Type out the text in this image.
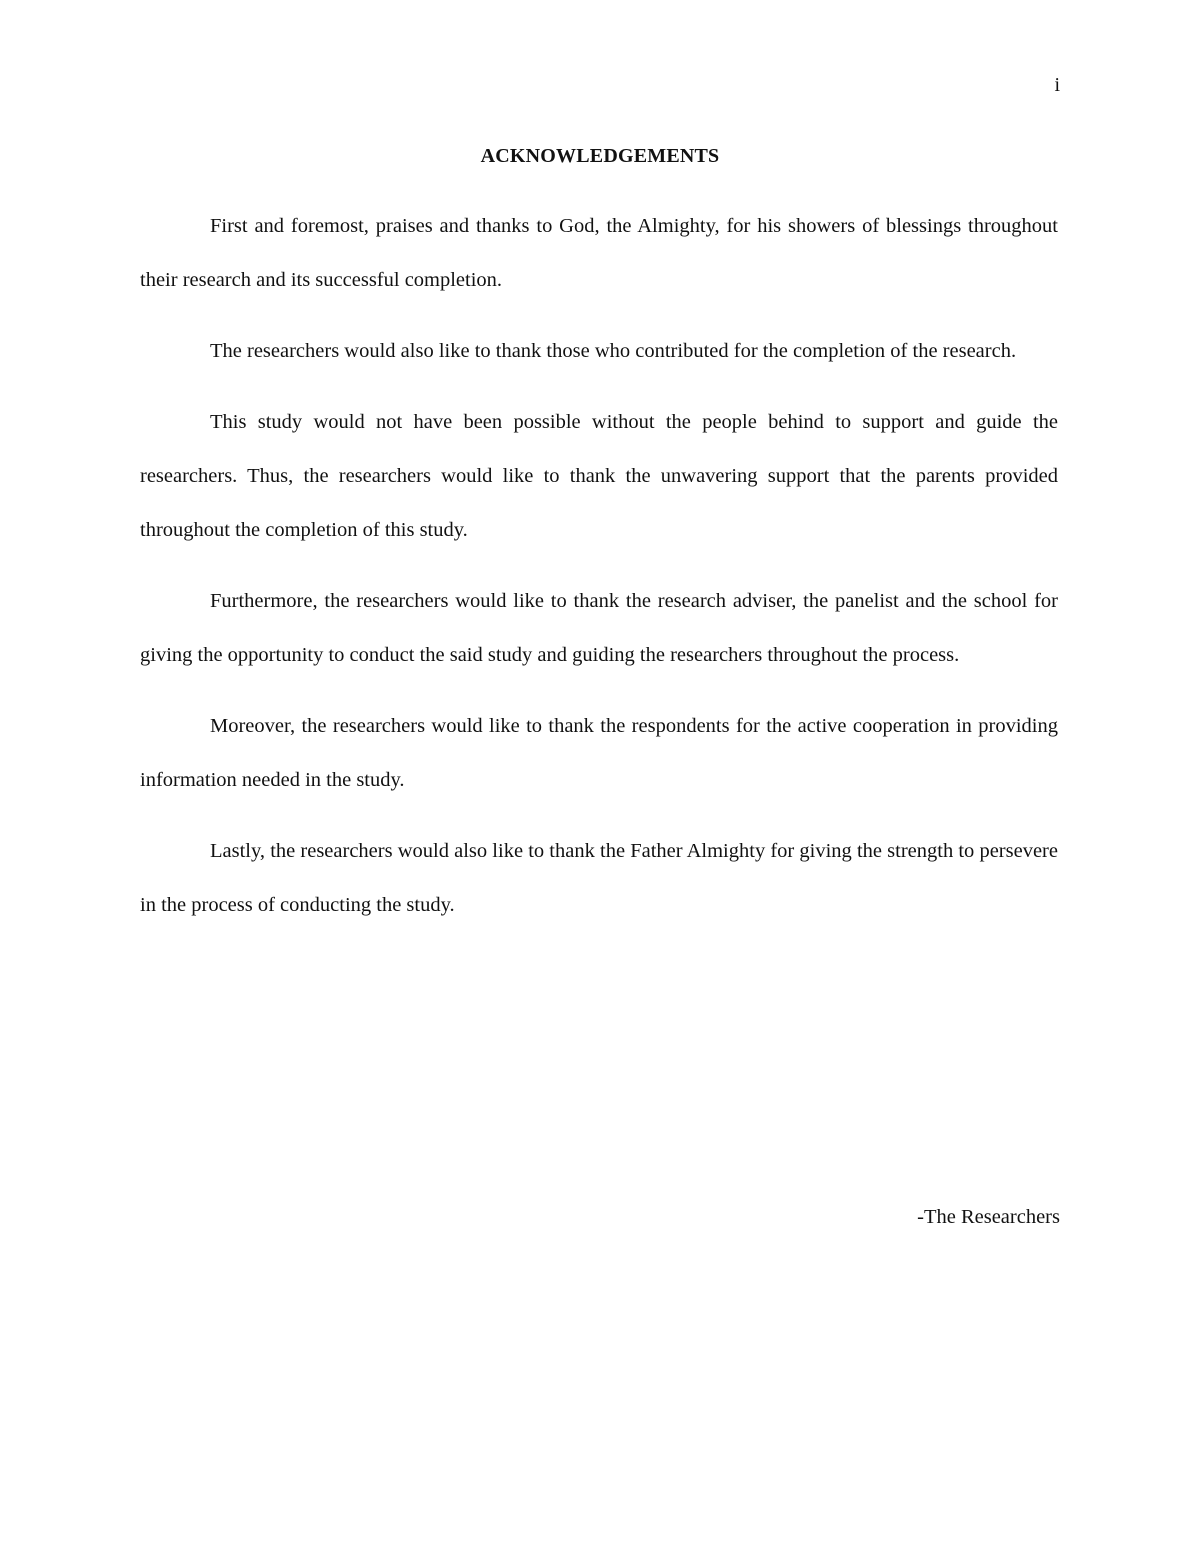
i
ACKNOWLEDGEMENTS

First and foremost, praises and thanks to God, the Almighty, for his showers of blessings throughout their research and its successful completion.

The researchers would also like to thank those who contributed for the completion of the research.

This study would not have been possible without the people behind to support and guide the researchers. Thus, the researchers would like to thank the unwavering support that the parents provided throughout the completion of this study.

Furthermore, the researchers would like to thank the research adviser, the panelist and the school for giving the opportunity to conduct the said study and guiding the researchers throughout the process.

Moreover, the researchers would like to thank the respondents for the active cooperation in providing information needed in the study.

Lastly, the researchers would also like to thank the Father Almighty for giving the strength to persevere in the process of conducting the study.

-The Researchers
